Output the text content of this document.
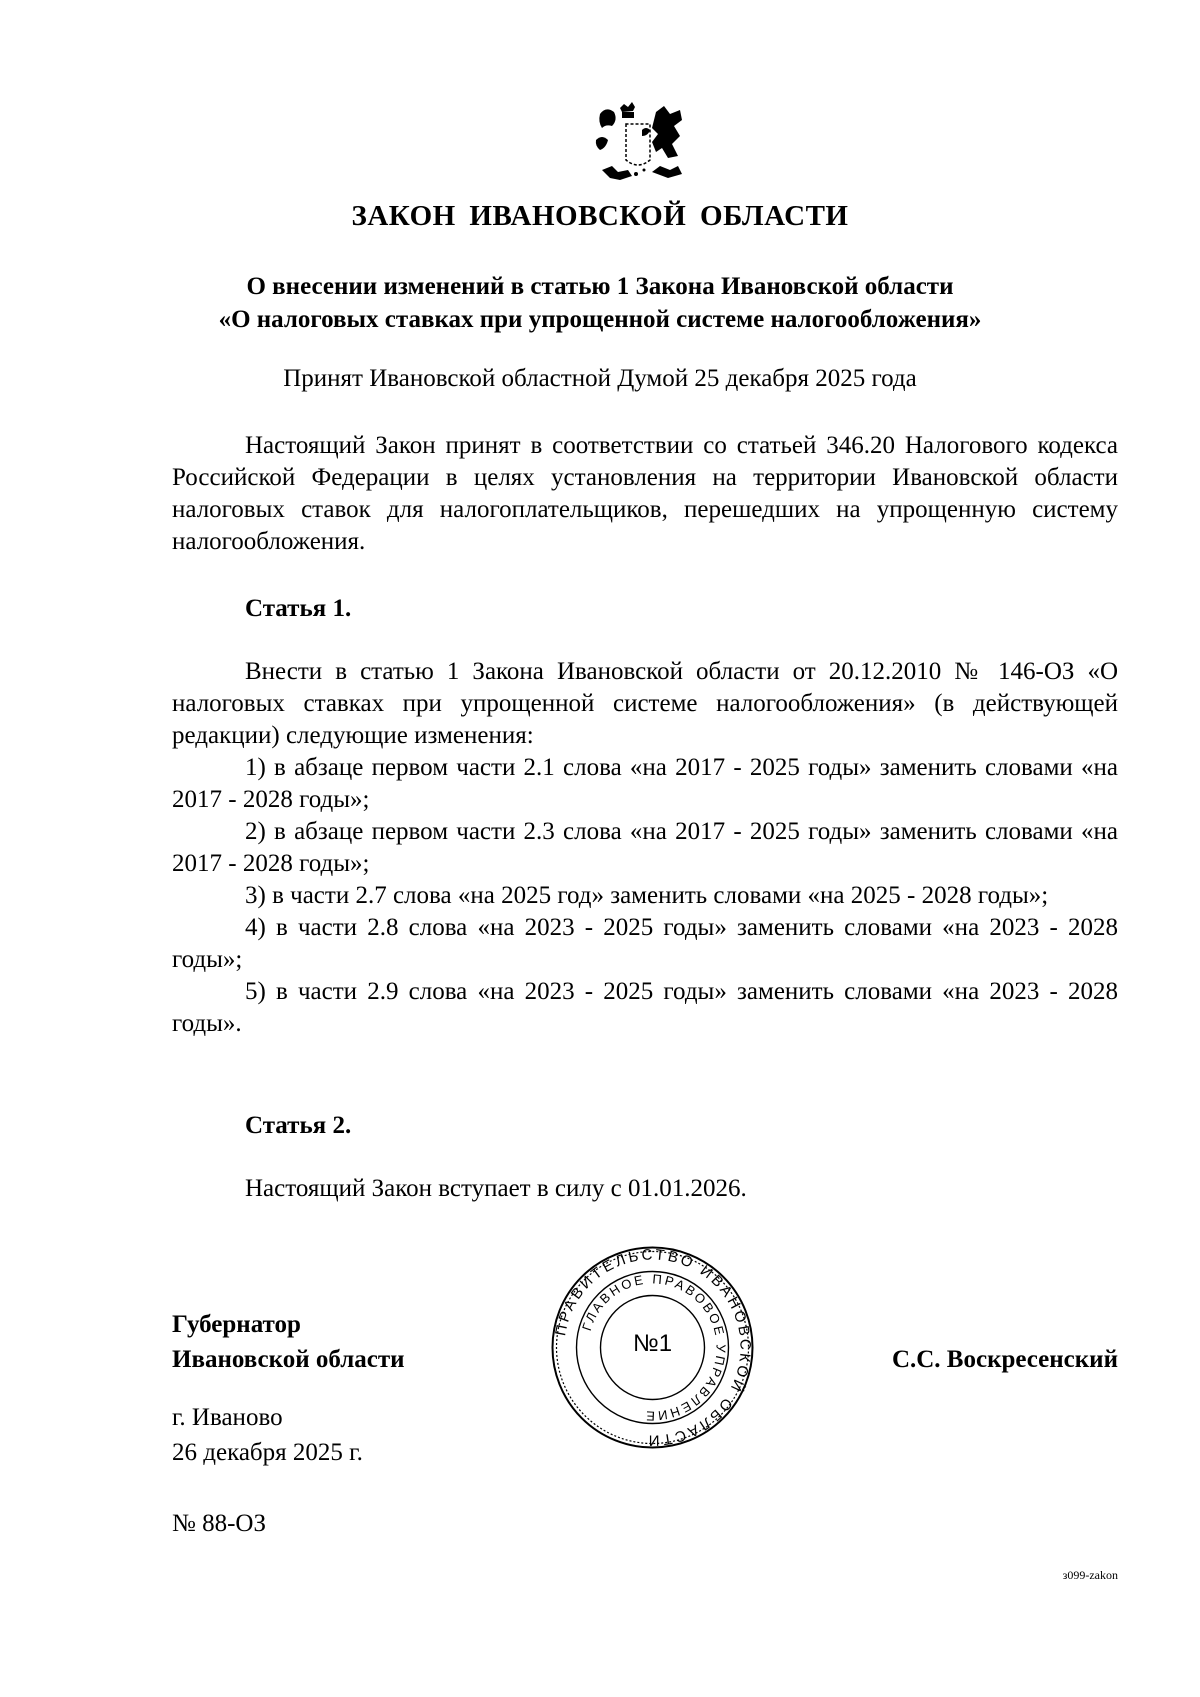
ЗАКОН ИВАНОВСКОЙ ОБЛАСТИ
О внесении изменений в статью 1 Закона Ивановской области
«О налоговых ставках при упрощенной системе налогообложения»

Принят Ивановской областной Думой 25 декабря 2025 года

Настоящий Закон принят в соответствии со статьей 346.20 Налогового кодекса Российской Федерации в целях установления на территории Ивановской области налоговых ставок для налогоплательщиков, перешедших на упрощенную систему налогообложения.

Статья 1.

Внести в статью 1 Закона Ивановской области от 20.12.2010 № 146-ОЗ «О налоговых ставках при упрощенной системе налогообложения» (в действующей редакции) следующие изменения:

1) в абзаце первом части 2.1 слова «на 2017 - 2025 годы» заменить словами «на 2017 - 2028 годы»;

2) в абзаце первом части 2.3 слова «на 2017 - 2025 годы» заменить словами «на 2017 - 2028 годы»;

3) в части 2.7 слова «на 2025 год» заменить словами «на 2025 - 2028 годы»;

4) в части 2.8 слова «на 2023 - 2025 годы» заменить словами «на 2023 - 2028 годы»;

5) в части 2.9 слова «на 2023 - 2025 годы» заменить словами «на 2023 - 2028 годы».

Статья 2.

Настоящий Закон вступает в силу с 01.01.2026.

ПРАВИТЕЛЬСТВО ИВАНОВСКОЙ ОБЛАСТИ
ГЛАВНОЕ ПРАВОВОЕ УПРАВЛЕНИЕ
№1
Губернатор
Ивановской области	С.С. Воскресенский
г. Иваново
26 декабря 2025 г.
№ 88-ОЗ
з099-zakon
